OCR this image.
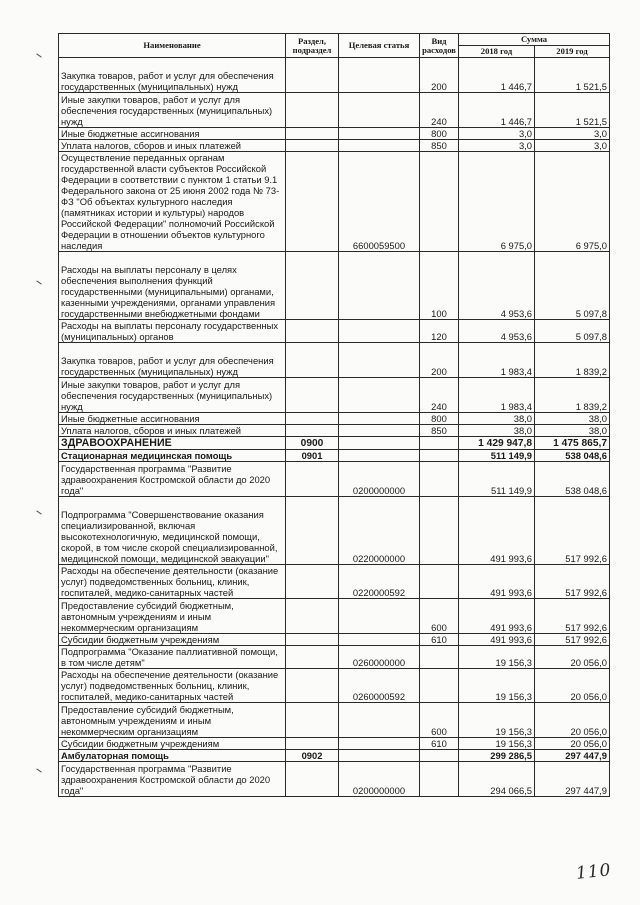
Наименование	Раздел, подраздел	Целевая статья	Вид расходов	Сумма	
				2018 год	2019 год
Закупка товаров, работ и услуг для обеспечения государственных (муниципальных) нужд			200	1 446,7	1 521,5
Иные закупки товаров, работ и услуг для обеспечения государственных (муниципальных) нужд			240	1 446,7	1 521,5
Иные бюджетные ассигнования			800	3,0	3,0
Уплата налогов, сборов и иных платежей			850	3,0	3,0
Осуществление переданных органам государственной власти субъектов Российской Федерации в соответствии с пунктом 1 статьи 9.1 Федерального закона от 25 июня 2002 года № 73-ФЗ "Об объектах культурного наследия (памятниках истории и культуры) народов Российской Федерации" полномочий Российской Федерации в отношении объектов культурного наследия		6600059500		6 975,0	6 975,0
Расходы на выплаты персоналу в целях обеспечения выполнения функций государственными (муниципальными) органами, казенными учреждениями, органами управления государственными внебюджетными фондами			100	4 953,6	5 097,8
Расходы на выплаты персоналу государственных (муниципальных) органов			120	4 953,6	5 097,8
Закупка товаров, работ и услуг для обеспечения государственных (муниципальных) нужд			200	1 983,4	1 839,2
Иные закупки товаров, работ и услуг для обеспечения государственных (муниципальных) нужд			240	1 983,4	1 839,2
Иные бюджетные ассигнования			800	38,0	38,0
Уплата налогов, сборов и иных платежей			850	38,0	38,0
ЗДРАВООХРАНЕНИЕ	0900			1 429 947,8	1 475 865,7
Стационарная медицинская помощь	0901			511 149,9	538 048,6
Государственная программа "Развитие здравоохранения Костромской области до 2020 года"		0200000000		511 149,9	538 048,6
Подпрограмма "Совершенствование оказания специализированной, включая высокотехнологичную, медицинской помощи, скорой, в том числе скорой специализированной, медицинской помощи, медицинской эвакуации"		0220000000		491 993,6	517 992,6
Расходы на обеспечение деятельности (оказание услуг) подведомственных больниц, клиник, госпиталей, медико-санитарных частей		0220000592		491 993,6	517 992,6
Предоставление субсидий бюджетным, автономным учреждениям и иным некоммерческим организациям			600	491 993,6	517 992,6
Субсидии бюджетным учреждениям			610	491 993,6	517 992,6
Подпрограмма "Оказание паллиативной помощи, в том числе детям"		0260000000		19 156,3	20 056,0
Расходы на обеспечение деятельности (оказание услуг) подведомственных больниц, клиник, госпиталей, медико-санитарных частей		0260000592		19 156,3	20 056,0
Предоставление субсидий бюджетным, автономным учреждениям и иным некоммерческим организациям			600	19 156,3	20 056,0
Субсидии бюджетным учреждениям			610	19 156,3	20 056,0
Амбулаторная помощь	0902			299 286,5	297 447,9
Государственная программа "Развитие здравоохранения Костромской области до 2020 года"		0200000000		294 066,5	297 447,9
110
